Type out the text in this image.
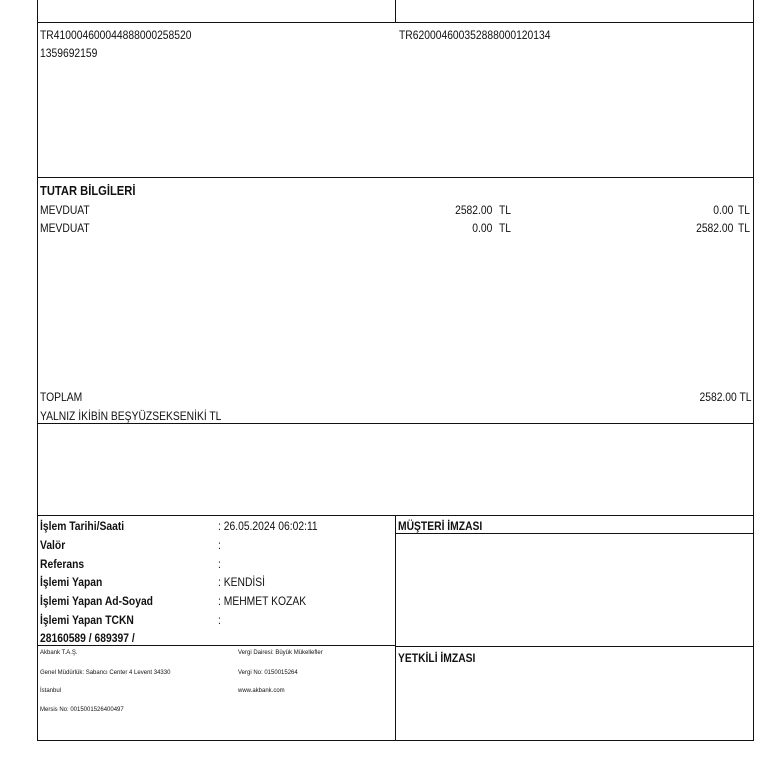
TR410004600044888000258520
1359692159
TR620004600352888000120134
TUTAR BİLGİLERİ
MEVDUAT	2582.00 TL	0.00 TL
MEVDUAT	0.00 TL	2582.00 TL
TOPLAM	2582.00 TL
YALNIZ İKİBİN BEŞYÜZSEKSENİKİ TL
İşlem Tarihi/Saati	: 26.05.2024 06:02:11
Valör	:
Referans	:
İşlemi Yapan	: KENDİSİ
İşlemi Yapan Ad-Soyad	: MEHMET KOZAK
İşlemi Yapan TCKN	:
28160589 / 689397 /
MÜŞTERİ İMZASI
YETKİLİ İMZASI
Akbank T.A.Ş.
Genel Müdürlük: Sabancı Center 4 Levent 34330
İstanbul
Mersis No: 0015001526400497
Vergi Dairesi: Büyük Mükellefler
Vergi No: 0150015264
www.akbank.com
